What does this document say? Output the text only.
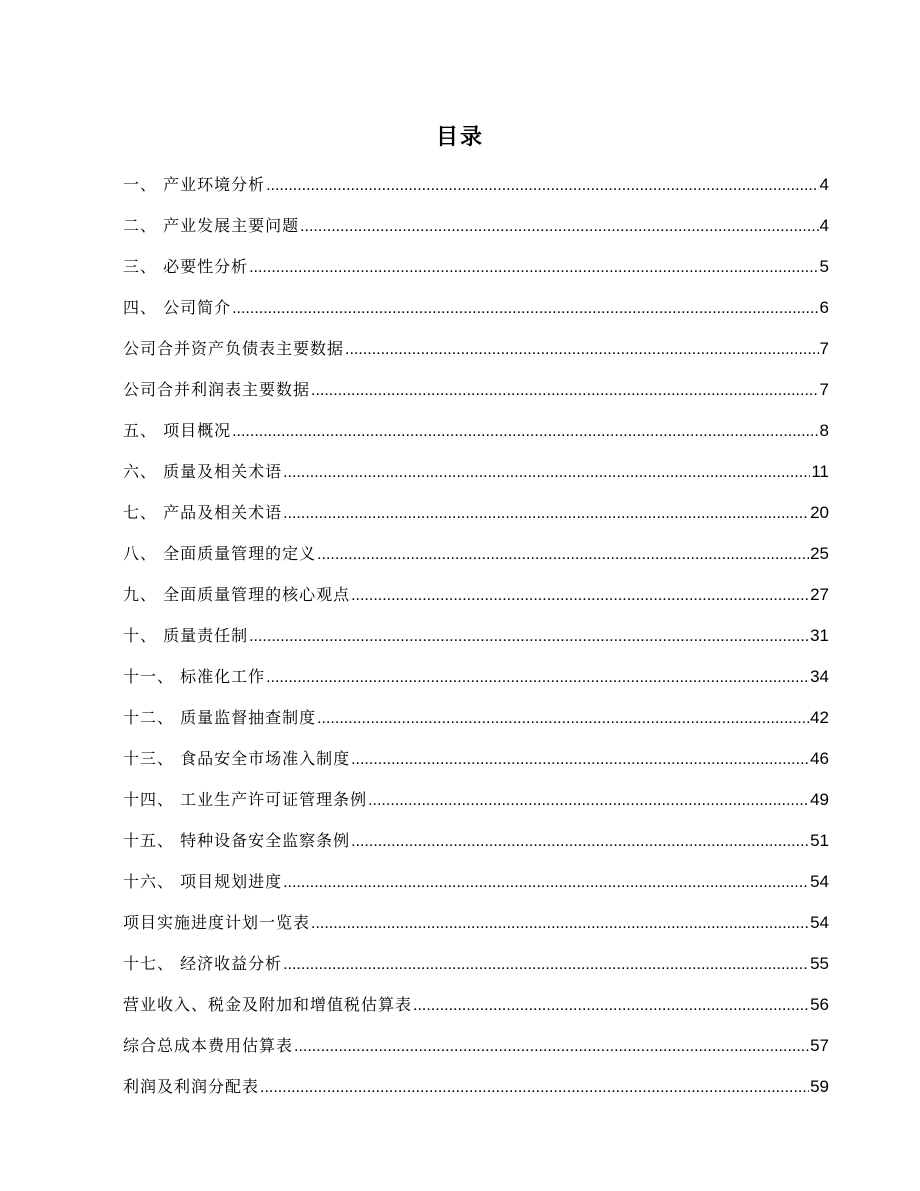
目录
一、 产业环境分析 .....	4
二、 产业发展主要问题 .....	4
三、 必要性分析 .....	5
四、 公司简介 .....	6
公司合并资产负债表主要数据 .....	7
公司合并利润表主要数据 .....	7
五、 项目概况 .....	8
六、 质量及相关术语 .....	11
七、 产品及相关术语 .....	20
八、 全面质量管理的定义 .....	25
九、 全面质量管理的核心观点 .....	27
十、 质量责任制 .....	31
十一、 标准化工作 .....	34
十二、 质量监督抽查制度 .....	42
十三、 食品安全市场准入制度 .....	46
十四、 工业生产许可证管理条例 .....	49
十五、 特种设备安全监察条例 .....	51
十六、 项目规划进度 .....	54
项目实施进度计划一览表 .....	54
十七、 经济收益分析 .....	55
营业收入、税金及附加和增值税估算表 .....	56
综合总成本费用估算表 .....	57
利润及利润分配表 .....	59
